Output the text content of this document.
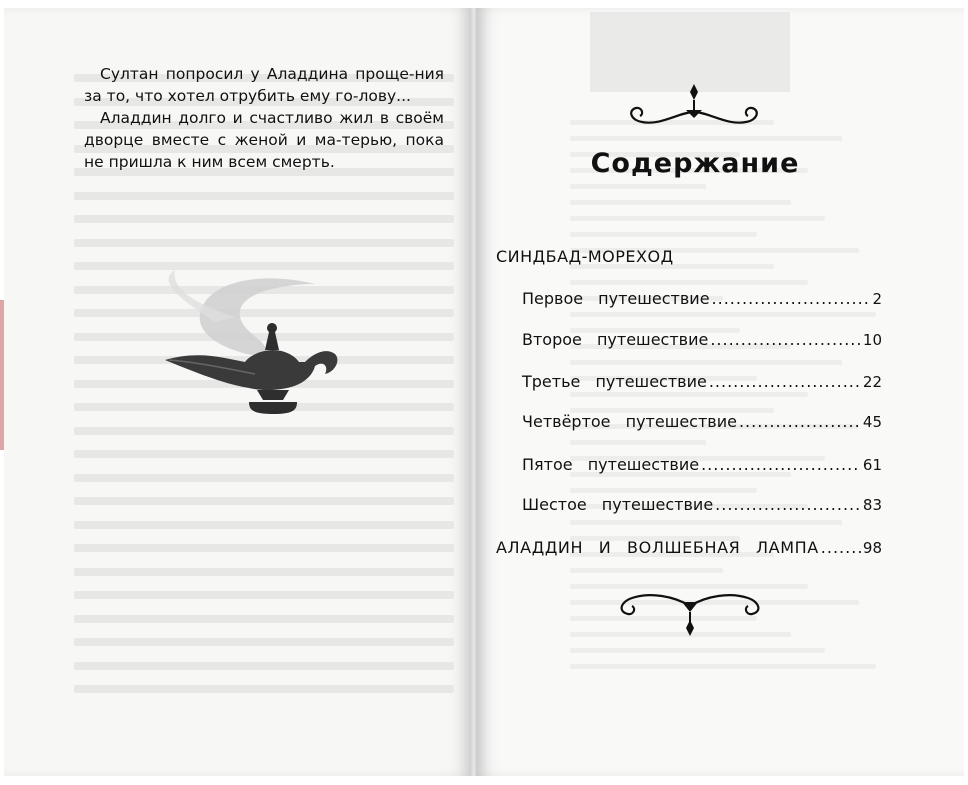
Султан попросил у Аладдина проще-ния за то, что хотел отрубить ему го-лову...

Аладдин долго и счастливо жил в своём дворце вместе с женой и ма-терью, пока не пришла к ним всем смерть.	Содержание
СИНДБАД-МОРЕХОД
Первое путешествие .....	2
Второе путешествие .....	10
Третье путешествие .....	22
Четвёртое путешествие .....	45
Пятое путешествие .....	61
Шестое путешествие .....	83
АЛАДДИН И ВОЛШЕБНАЯ ЛАМПА .....	98
